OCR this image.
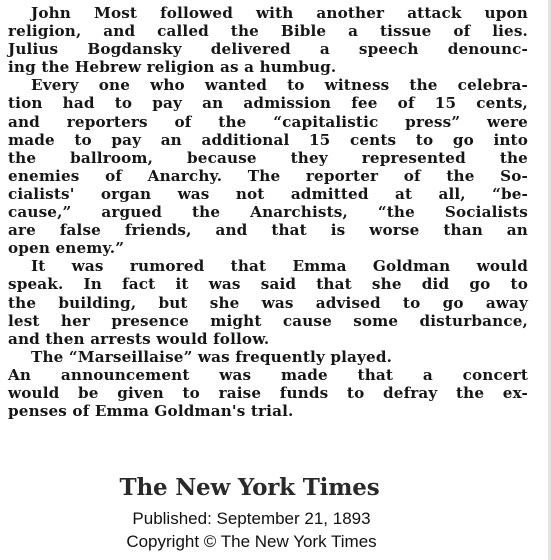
John Most followed with another attack upon
religion, and called the Bible a tissue of lies.
Julius Bogdansky delivered a speech denounc-
ing the Hebrew religion as a humbug.
Every one who wanted to witness the celebra-
tion had to pay an admission fee of 15 cents,
and reporters of the “capitalistic press” were
made to pay an additional 15 cents to go into
the ballroom, because they represented the
enemies of Anarchy. The reporter of the So-
cialists' organ was not admitted at all, “be-
cause,” argued the Anarchists, “the Socialists
are false friends, and that is worse than an
open enemy.”
It was rumored that Emma Goldman would
speak. In fact it was said that she did go to
the building, but she was advised to go away
lest her presence might cause some disturbance,
and then arrests would follow.
The “Marseillaise” was frequently played.
An announcement was made that a concert
would be given to raise funds to defray the ex-
penses of Emma Goldman's trial.
The New York Times
Published: September 21, 1893
Copyright © The New York Times
